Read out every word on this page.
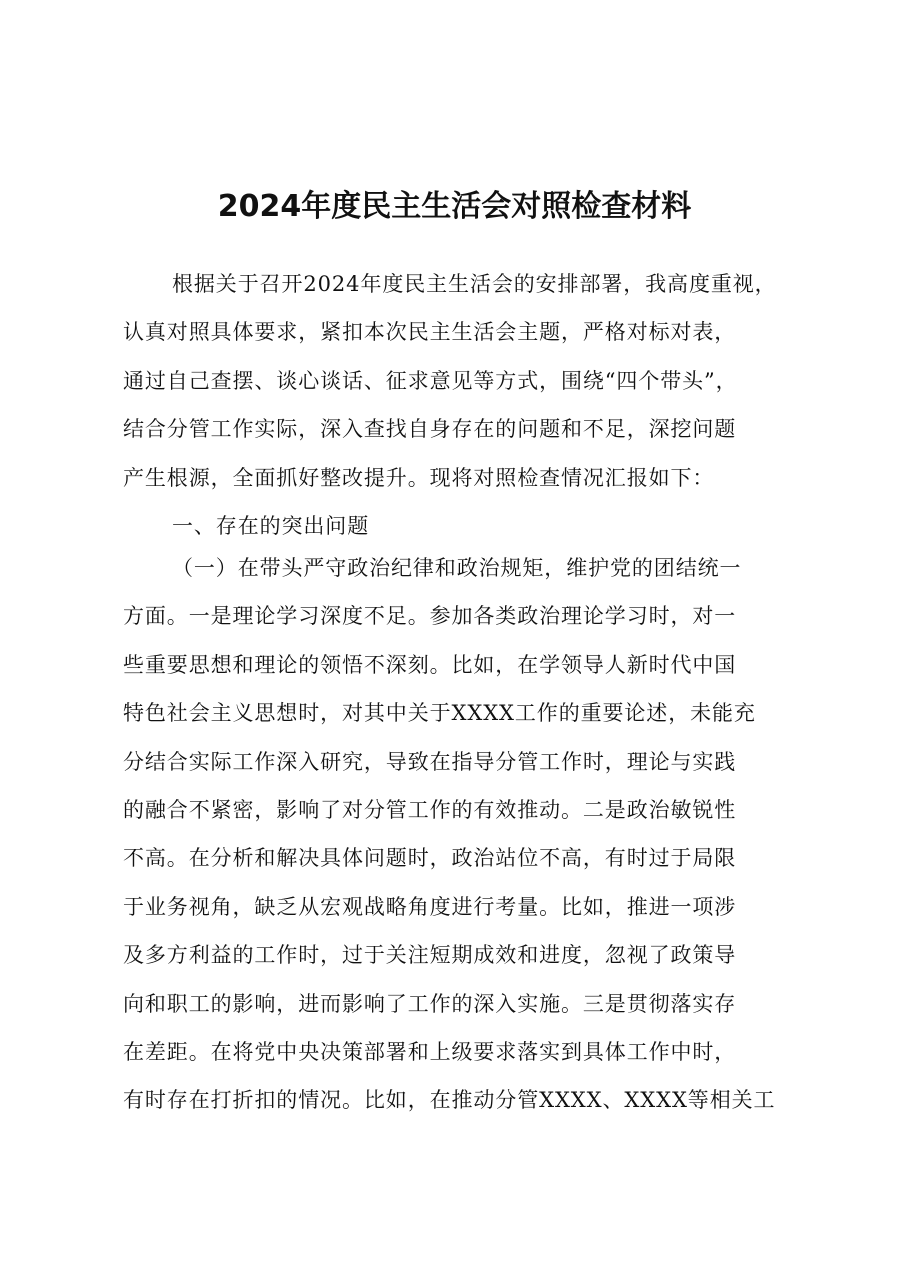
2024年度民主生活会对照检查材料
根据关于召开2024年度民主生活会的安排部署，我高度重视，
认真对照具体要求，紧扣本次民主生活会主题，严格对标对表，
通过自己查摆、谈心谈话、征求意见等方式，围绕“四个带头”，
结合分管工作实际，深入查找自身存在的问题和不足，深挖问题
产生根源，全面抓好整改提升。现将对照检查情况汇报如下：
一、存在的突出问题
（一）在带头严守政治纪律和政治规矩，维护党的团结统一
方面。一是理论学习深度不足。参加各类政治理论学习时，对一
些重要思想和理论的领悟不深刻。比如，在学领导人新时代中国
特色社会主义思想时，对其中关于XXXX工作的重要论述，未能充
分结合实际工作深入研究，导致在指导分管工作时，理论与实践
的融合不紧密，影响了对分管工作的有效推动。二是政治敏锐性
不高。在分析和解决具体问题时，政治站位不高，有时过于局限
于业务视角，缺乏从宏观战略角度进行考量。比如，推进一项涉
及多方利益的工作时，过于关注短期成效和进度，忽视了政策导
向和职工的影响，进而影响了工作的深入实施。三是贯彻落实存
在差距。在将党中央决策部署和上级要求落实到具体工作中时，
有时存在打折扣的情况。比如，在推动分管XXXX、XXXX等相关工
